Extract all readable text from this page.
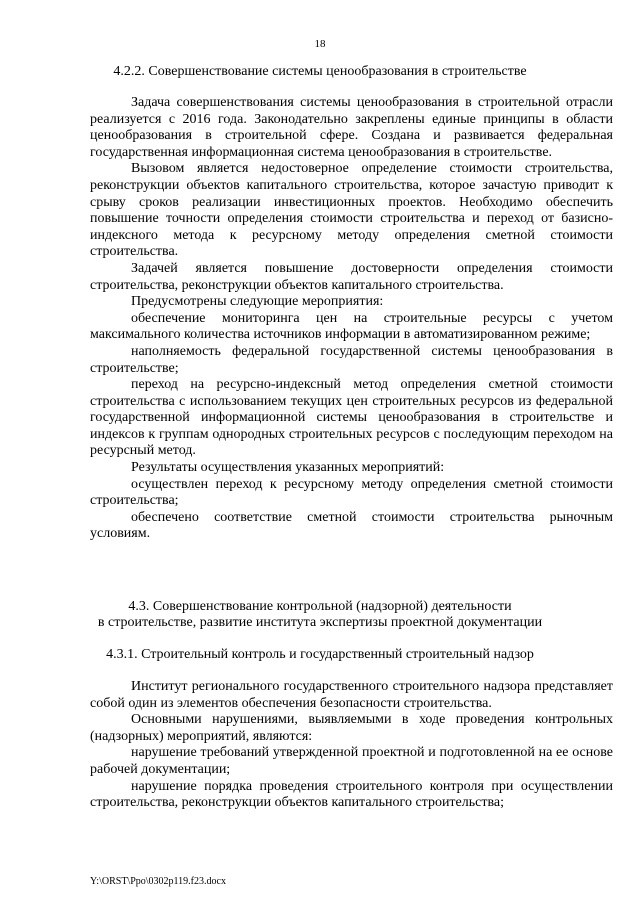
18
4.2.2. Совершенствование системы ценообразования в строительстве

Задача совершенствования системы ценообразования в строительной отрасли реализуется с 2016 года. Законодательно закреплены единые принципы в области ценообразования в строительной сфере. Создана и развивается федеральная государственная информационная система ценообразования в строительстве.

Вызовом является недостоверное определение стоимости строительства, реконструкции объектов капитального строительства, которое зачастую приводит к срыву сроков реализации инвестиционных проектов. Необходимо обеспечить повышение точности определения стоимости строительства и переход от базисно-индексного метода к ресурсному методу определения сметной стоимости строительства.

Задачей является повышение достоверности определения стоимости строительства, реконструкции объектов капитального строительства.

Предусмотрены следующие мероприятия:

обеспечение мониторинга цен на строительные ресурсы с учетом максимального количества источников информации в автоматизированном режиме;

наполняемость федеральной государственной системы ценообразования в строительстве;

переход на ресурсно-индексный метод определения сметной стоимости строительства с использованием текущих цен строительных ресурсов из федеральной государственной информационной системы ценообразования в строительстве и индексов к группам однородных строительных ресурсов с последующим переходом на ресурсный метод.

Результаты осуществления указанных мероприятий:

осуществлен переход к ресурсному методу определения сметной стоимости строительства;

обеспечено соответствие сметной стоимости строительства рыночным условиям.

4.3. Совершенствование контрольной (надзорной) деятельности
в строительстве, развитие института экспертизы проектной документации
4.3.1. Строительный контроль и государственный строительный надзор

Институт регионального государственного строительного надзора представляет собой один из элементов обеспечения безопасности строительства.

Основными нарушениями, выявляемыми в ходе проведения контрольных (надзорных) мероприятий, являются:

нарушение требований утвержденной проектной и подготовленной на ее основе рабочей документации;

нарушение порядка проведения строительного контроля при осуществлении строительства, реконструкции объектов капитального строительства;

Y:\ORST\Ppo\0302p119.f23.docx
